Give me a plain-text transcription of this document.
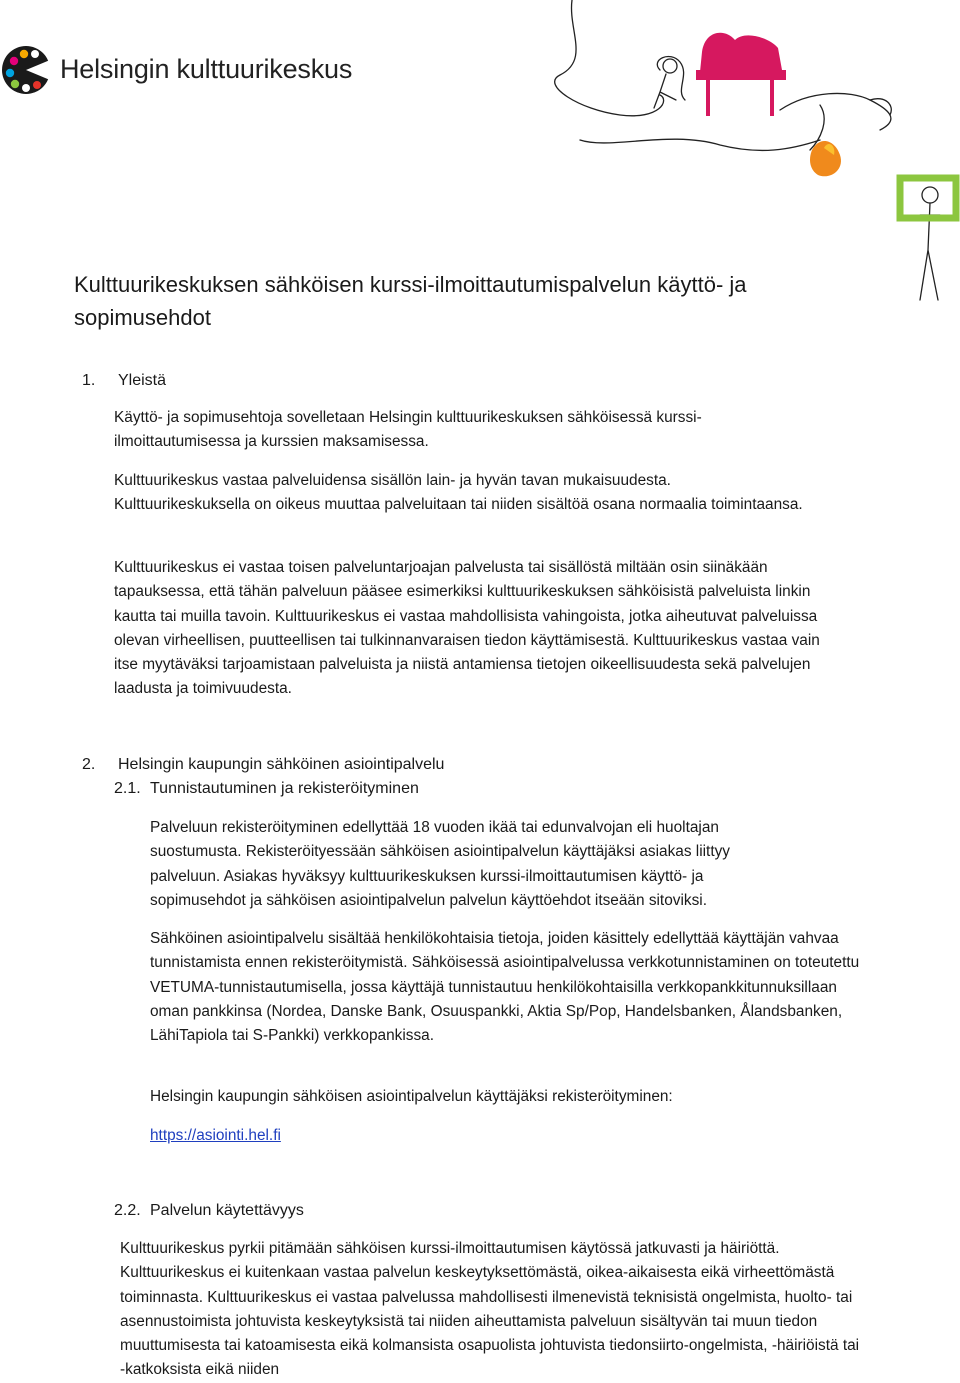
Helsingin kulttuurikeskus
Kulttuurikeskuksen sähköisen kurssi-ilmoittautumispalvelun käyttö- ja sopimusehdot
1. Yleistä

Käyttö- ja sopimusehtoja sovelletaan Helsingin kulttuurikeskuksen sähköisessä kurssi-ilmoittautumisessa ja kurssien maksamisessa.

Kulttuurikeskus vastaa palveluidensa sisällön lain- ja hyvän tavan mukaisuudesta. Kulttuurikeskuksella on oikeus muuttaa palveluitaan tai niiden sisältöä osana normaalia toimintaansa.

Kulttuurikeskus ei vastaa toisen palveluntarjoajan palvelusta tai sisällöstä miltään osin siinäkään tapauksessa, että tähän palveluun pääsee esimerkiksi kulttuurikeskuksen sähköisistä palveluista linkin kautta tai muilla tavoin. Kulttuurikeskus ei vastaa mahdollisista vahingoista, jotka aiheutuvat palveluissa olevan virheellisen, puutteellisen tai tulkinnanvaraisen tiedon käyttämisestä. Kulttuurikeskus vastaa vain itse myytäväksi tarjoamistaan palveluista ja niistä antamiensa tietojen oikeellisuudesta sekä palvelujen laadusta ja toimivuudesta.

2. Helsingin kaupungin sähköinen asiointipalvelu
2.1. Tunnistautuminen ja rekisteröityminen

Palveluun rekisteröityminen edellyttää 18 vuoden ikää tai edunvalvojan eli huoltajan suostumusta. Rekisteröityessään sähköisen asiointipalvelun käyttäjäksi asiakas liittyy palveluun. Asiakas hyväksyy kulttuurikeskuksen kurssi-ilmoittautumisen käyttö- ja sopimusehdot ja sähköisen asiointipalvelun palvelun käyttöehdot itseään sitoviksi.

Sähköinen asiointipalvelu sisältää henkilökohtaisia tietoja, joiden käsittely edellyttää käyttäjän vahvaa tunnistamista ennen rekisteröitymistä. Sähköisessä asiointipalvelussa verkkotunnistaminen on toteutettu VETUMA-tunnistautumisella, jossa käyttäjä tunnistautuu henkilökohtaisilla verkkopankkitunnuksillaan oman pankkinsa (Nordea, Danske Bank, Osuuspankki, Aktia Sp/Pop, Handelsbanken, Ålandsbanken, LähiTapiola tai S-Pankki) verkkopankissa.

Helsingin kaupungin sähköisen asiointipalvelun käyttäjäksi rekisteröityminen:

https://asiointi.hel.fi

2.2. Palvelun käytettävyys

Kulttuurikeskus pyrkii pitämään sähköisen kurssi-ilmoittautumisen käytössä jatkuvasti ja häiriöttä. Kulttuurikeskus ei kuitenkaan vastaa palvelun keskeytyksettömästä, oikea-aikaisesta eikä virheettömästä toiminnasta. Kulttuurikeskus ei vastaa palvelussa mahdollisesti ilmenevistä teknisistä ongelmista, huolto- tai asennustoimista johtuvista keskeytyksistä tai niiden aiheuttamista palveluun sisältyvän tai muun tiedon muuttumisesta tai katoamisesta eikä kolmansista osapuolista johtuvista tiedonsiirto-ongelmista, -häiriöistä tai -katkoksista eikä niiden
